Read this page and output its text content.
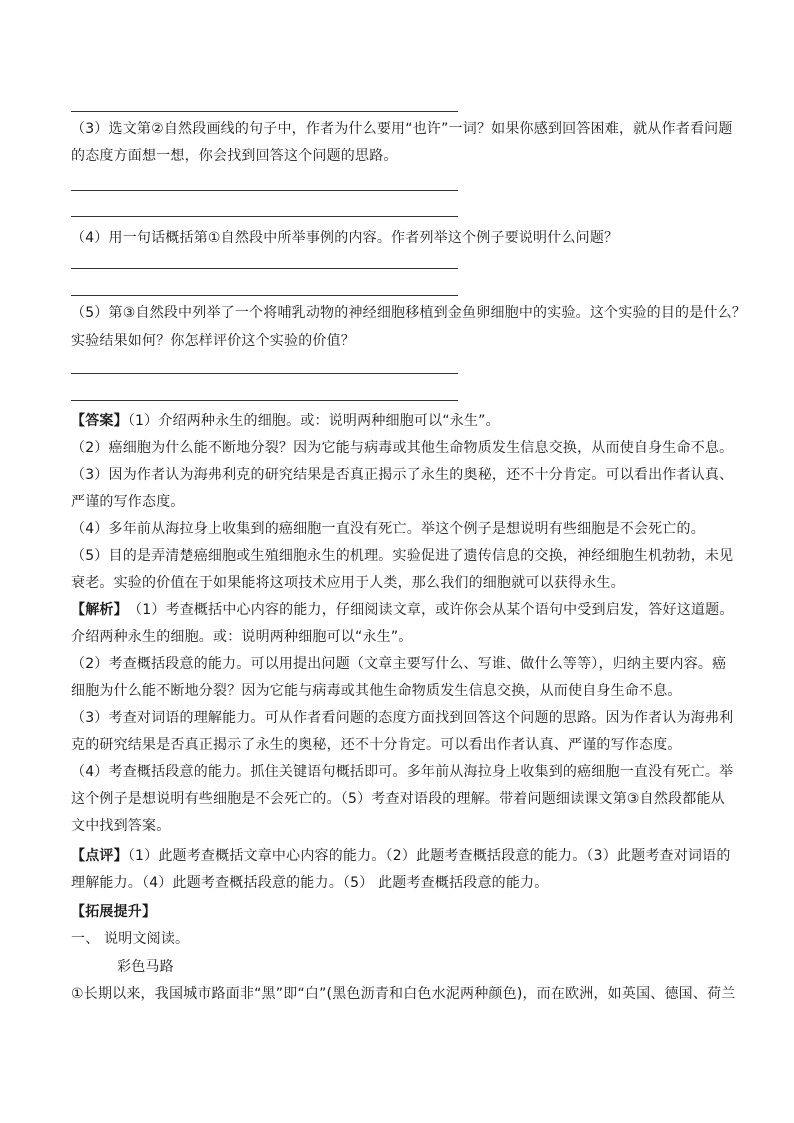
（3）选文第②自然段画线的句子中，作者为什么要用“也许”一词？如果你感到回答困难，就从作者看问题
的态度方面想一想，你会找到回答这个问题的思路。
（4）用一句话概括第①自然段中所举事例的内容。作者列举这个例子要说明什么问题？
（5）第③自然段中列举了一个将哺乳动物的神经细胞移植到金鱼卵细胞中的实验。这个实验的目的是什么？
实验结果如何？你怎样评价这个实验的价值？
【答案】（1）介绍两种永生的细胞。或：说明两种细胞可以“永生”。
（2）癌细胞为什么能不断地分裂？因为它能与病毒或其他生命物质发生信息交换，从而使自身生命不息。
（3）因为作者认为海弗利克的研究结果是否真正揭示了永生的奥秘，还不十分肯定。可以看出作者认真、
严谨的写作态度。
（4）多年前从海拉身上收集到的癌细胞一直没有死亡。举这个例子是想说明有些细胞是不会死亡的。
（5）目的是弄清楚癌细胞或生殖细胞永生的机理。实验促进了遗传信息的交换，神经细胞生机勃勃，未见
衰老。实验的价值在于如果能将这项技术应用于人类，那么我们的细胞就可以获得永生。
【解析】　（1）考查概括中心内容的能力，仔细阅读文章，或许你会从某个语句中受到启发，答好这道题。
介绍两种永生的细胞。或：说明两种细胞可以“永生”。
（2）考查概括段意的能力。可以用提出问题（文章主要写什么、写谁、做什么等等），归纳主要内容。癌
细胞为什么能不断地分裂？因为它能与病毒或其他生命物质发生信息交换，从而使自身生命不息。
（3）考查对词语的理解能力。可从作者看问题的态度方面找到回答这个问题的思路。因为作者认为海弗利
克的研究结果是否真正揭示了永生的奥秘，还不十分肯定。可以看出作者认真、严谨的写作态度。
（4）考查概括段意的能力。抓住关键语句概括即可。多年前从海拉身上收集到的癌细胞一直没有死亡。举
这个例子是想说明有些细胞是不会死亡的。（5）考查对语段的理解。带着问题细读课文第③自然段都能从
文中找到答案。
【点评】（1）此题考查概括文章中心内容的能力。（2）此题考查概括段意的能力。（3）此题考查对词语的
理解能力。（4）此题考查概括段意的能力。（5） 此题考查概括段意的能力。
【拓展提升】
一、 说明文阅读。
彩色马路
①长期以来，我国城市路面非“黑”即“白”(黑色沥青和白色水泥两种颜色)，而在欧洲，如英国、德国、荷兰
